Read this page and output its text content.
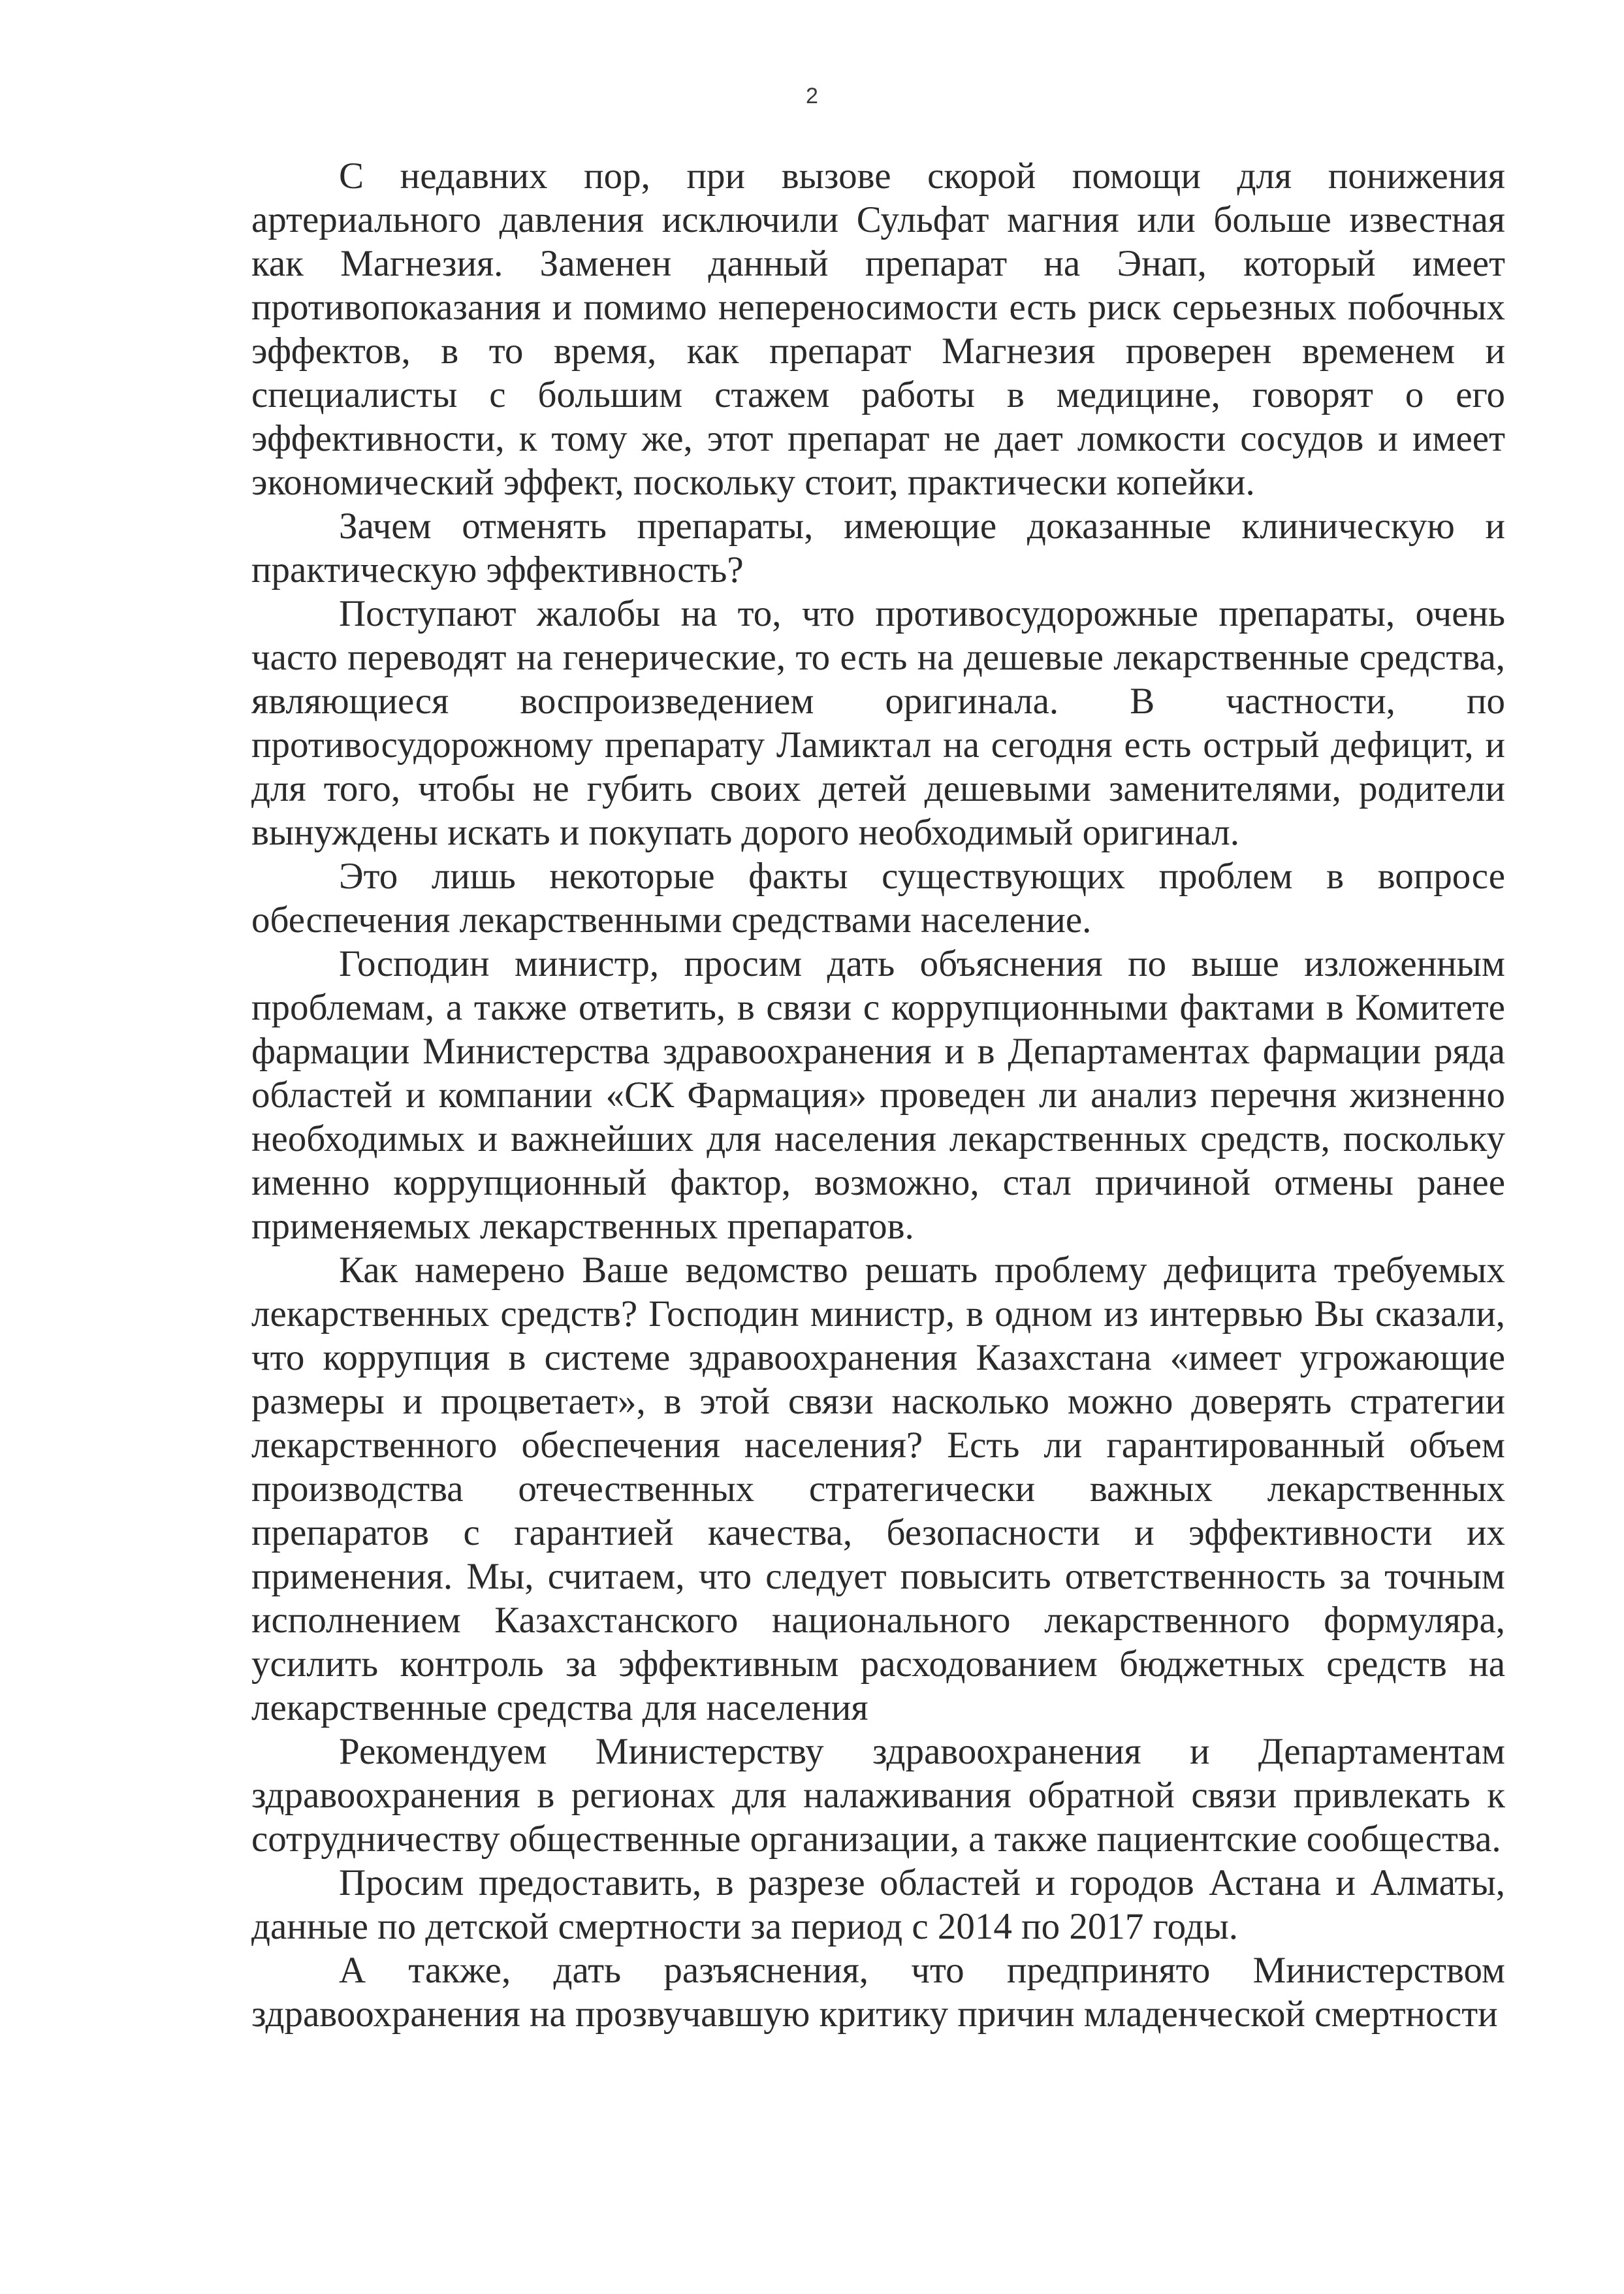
2

С недавних пор, при вызове скорой помощи для понижения артериального давления исключили Сульфат магния или больше известная как Магнезия. Заменен данный препарат на Энап, который имеет противопоказания и помимо непереносимости есть риск серьезных побочных эффектов, в то время, как препарат Магнезия проверен временем и специалисты с большим стажем работы в медицине, говорят о его эффективности, к тому же, этот препарат не дает ломкости сосудов и имеет экономический эффект, поскольку стоит, практически копейки.

Зачем отменять препараты, имеющие доказанные клиническую и практическую эффективность?

Поступают жалобы на то, что противосудорожные препараты, очень часто переводят на генерические, то есть на дешевые лекарственные средства, являющиеся воспроизведением оригинала. В частности, по противосудорожному препарату Ламиктал на сегодня есть острый дефицит, и для того, чтобы не губить своих детей дешевыми заменителями, родители вынуждены искать и покупать дорого необходимый оригинал.

Это лишь некоторые факты существующих проблем в вопросе обеспечения лекарственными средствами население.

Господин министр, просим дать объяснения по выше изложенным проблемам, а также ответить, в связи с коррупционными фактами в Комитете фармации Министерства здравоохранения и в Департаментах фармации ряда областей и компании «СК Фармация» проведен ли анализ перечня жизненно необходимых и важнейших для населения лекарственных средств, поскольку именно коррупционный фактор, возможно, стал причиной отмены ранее применяемых лекарственных препаратов.

Как намерено Ваше ведомство решать проблему дефицита требуемых лекарственных средств? Господин министр, в одном из интервью Вы сказали, что коррупция в системе здравоохранения Казахстана «имеет угрожающие размеры и процветает», в этой связи насколько можно доверять стратегии лекарственного обеспечения населения? Есть ли гарантированный объем производства отечественных стратегически важных лекарственных препаратов с гарантией качества, безопасности и эффективности их применения. Мы, считаем, что следует повысить ответственность за точным исполнением Казахстанского национального лекарственного формуляра, усилить контроль за эффективным расходованием бюджетных средств на лекарственные средства для населения

Рекомендуем Министерству здравоохранения и Департаментам здравоохранения в регионах для налаживания обратной связи привлекать к сотрудничеству общественные организации, а также пациентские сообщества.

Просим предоставить, в разрезе областей и городов Астана и Алматы, данные по детской смертности за период с 2014 по 2017 годы.

А также, дать разъяснения, что предпринято Министерством здравоохранения на прозвучавшую критику причин младенческой смертности
